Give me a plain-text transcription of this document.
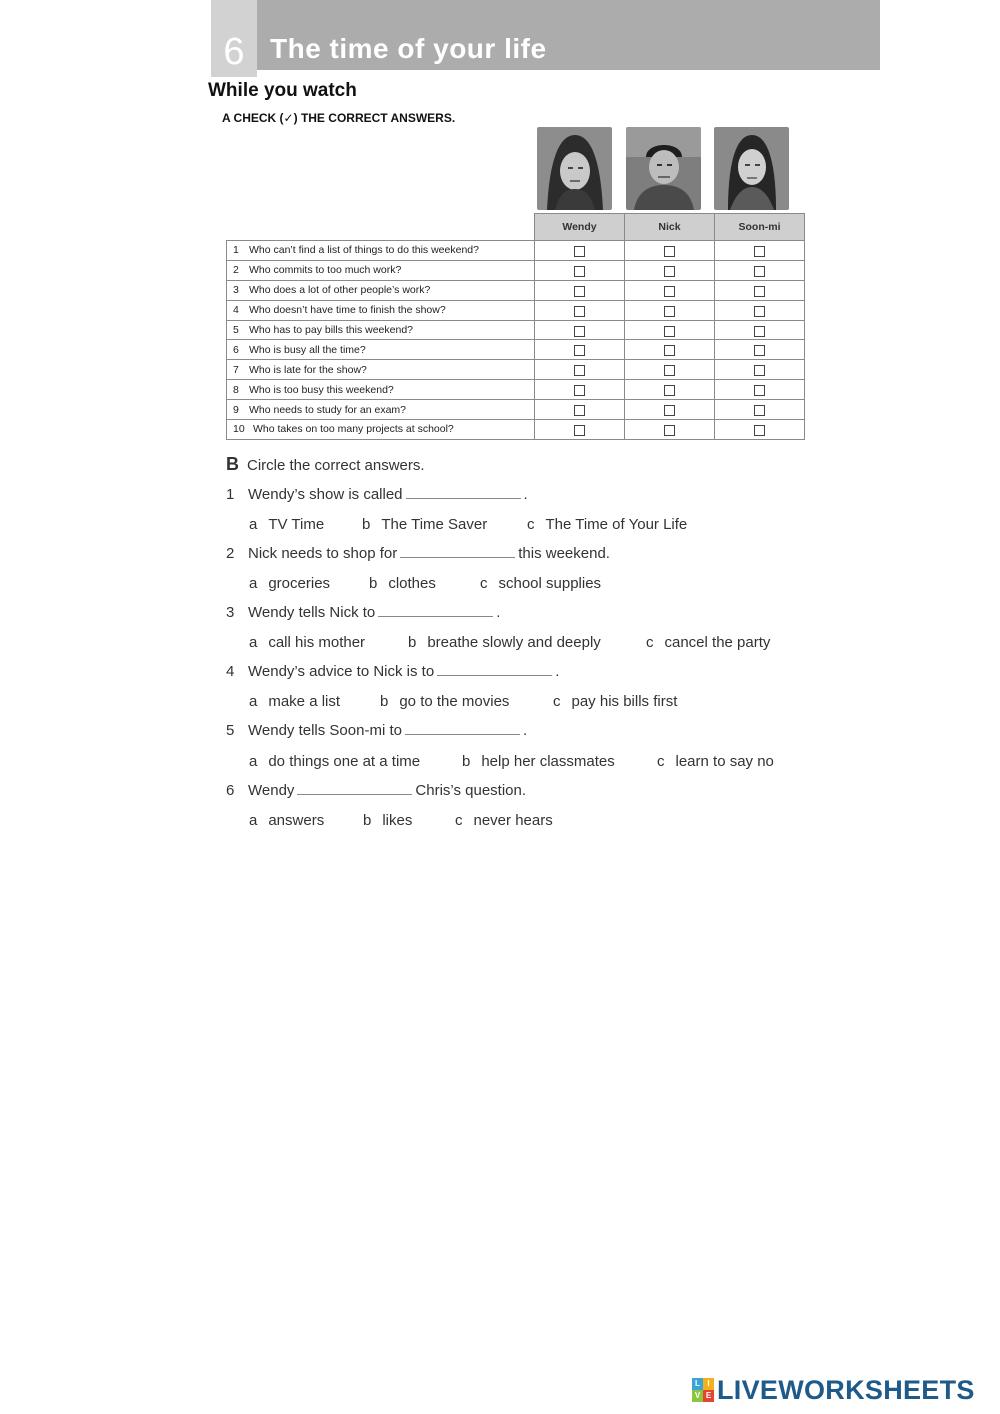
6 The time of your life
While you watch
A CHECK (✓) THE CORRECT ANSWERS.
	Wendy	Nick	Soon-mi
1 Who can’t find a list of things to do this weekend?			
2 Who commits to too much work?			
3 Who does a lot of other people’s work?			
4 Who doesn’t have time to finish the show?			
5 Who has to pay bills this weekend?			
6 Who is busy all the time?			
7 Who is late for the show?			
8 Who is too busy this weekend?			
9 Who needs to study for an exam?			
10 Who takes on too many projects at school?			
B Circle the correct answers.
1 Wendy’s show is called	.
a TV Time	b The Time Saver	c The Time of Your Life
2 Nick needs to shop for	this weekend.
a groceries	b clothes	c school supplies
3 Wendy tells Nick to	.
a call his mother	b breathe slowly and deeply	c cancel the party
4 Wendy’s advice to Nick is to	.
a make a list	b go to the movies	c pay his bills first
5 Wendy tells Soon-mi to	.
a do things one at a time	b help her classmates	c learn to say no
6 Wendy	Chris’s question.
a answers	b likes	c never hears
L I
V E LIVEWORKSHEETS
